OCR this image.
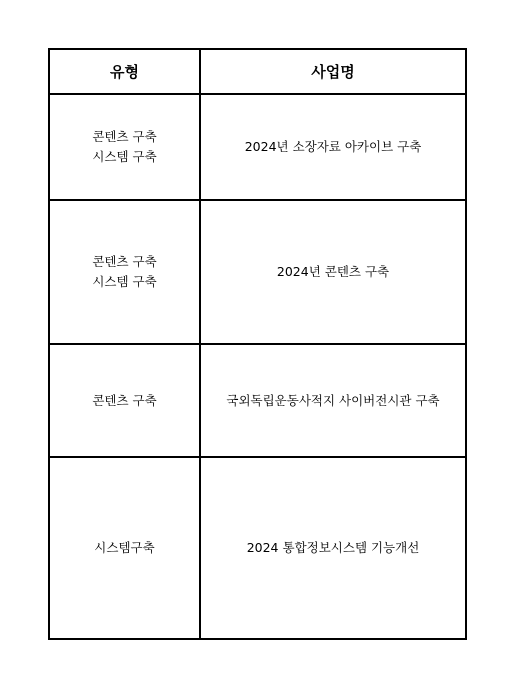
유형	사업명

콘텐츠 구축
시스템 구축	2024년 소장자료 아카이브 구축

콘텐츠 구축
시스템 구축	2024년 콘텐츠 구축

콘텐츠 구축	국외독립운동사적지 사이버전시관 구축

시스템구축	2024 통합정보시스템 기능개선
